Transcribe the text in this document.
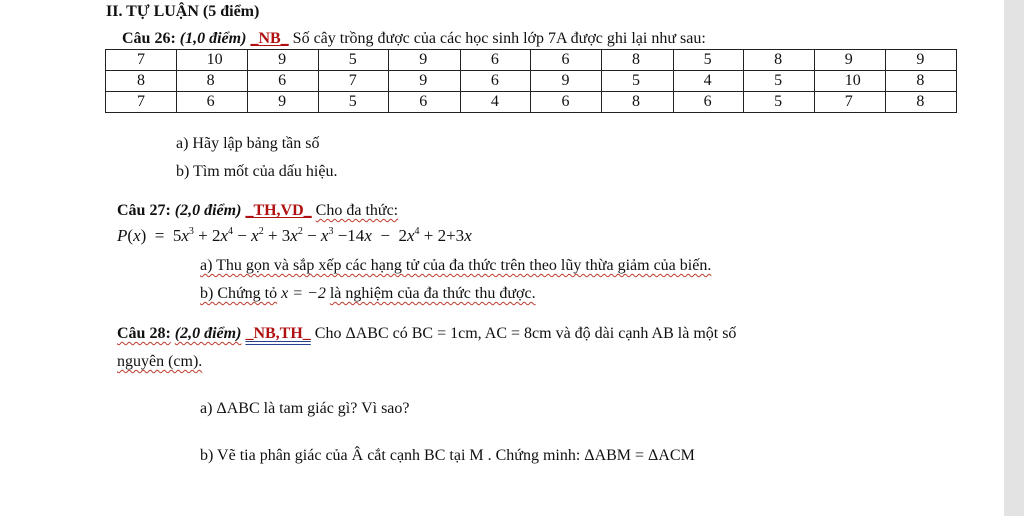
II. TỰ LUẬN (5 điểm)
Câu 26: (1,0 điểm) _NB_ Số cây trồng được của các học sinh lớp 7A được ghi lại như sau:
7	10	9	5	9	6	6	8	5	8	9	9
8	8	6	7	9	6	9	5	4	5	10	8
7	6	9	5	6	4	6	8	6	5	7	8
a) Hãy lập bảng tần số
b) Tìm mốt của dấu hiệu.
Câu 27: (2,0 điểm) _TH,VD_ Cho đa thức:
$P(x) = 5x^3 + 2x^4 - x^2 + 3x^2 - x^3 -14x - 2x^4 + 2+3x$
a) Thu gọn và sắp xếp các hạng tử của đa thức trên theo lũy thừa giảm của biến.
b) Chứng tỏ x = −2 là nghiệm của đa thức thu được.
Câu 28: (2,0 điểm) _NB,TH_ Cho ΔABC có BC = 1cm, AC = 8cm và độ dài cạnh AB là một số
nguyên (cm).
a) ΔABC là tam giác gì? Vì sao?
b) Vẽ tia phân giác của Â cắt cạnh BC tại M . Chứng minh: ΔABM = ΔACM
